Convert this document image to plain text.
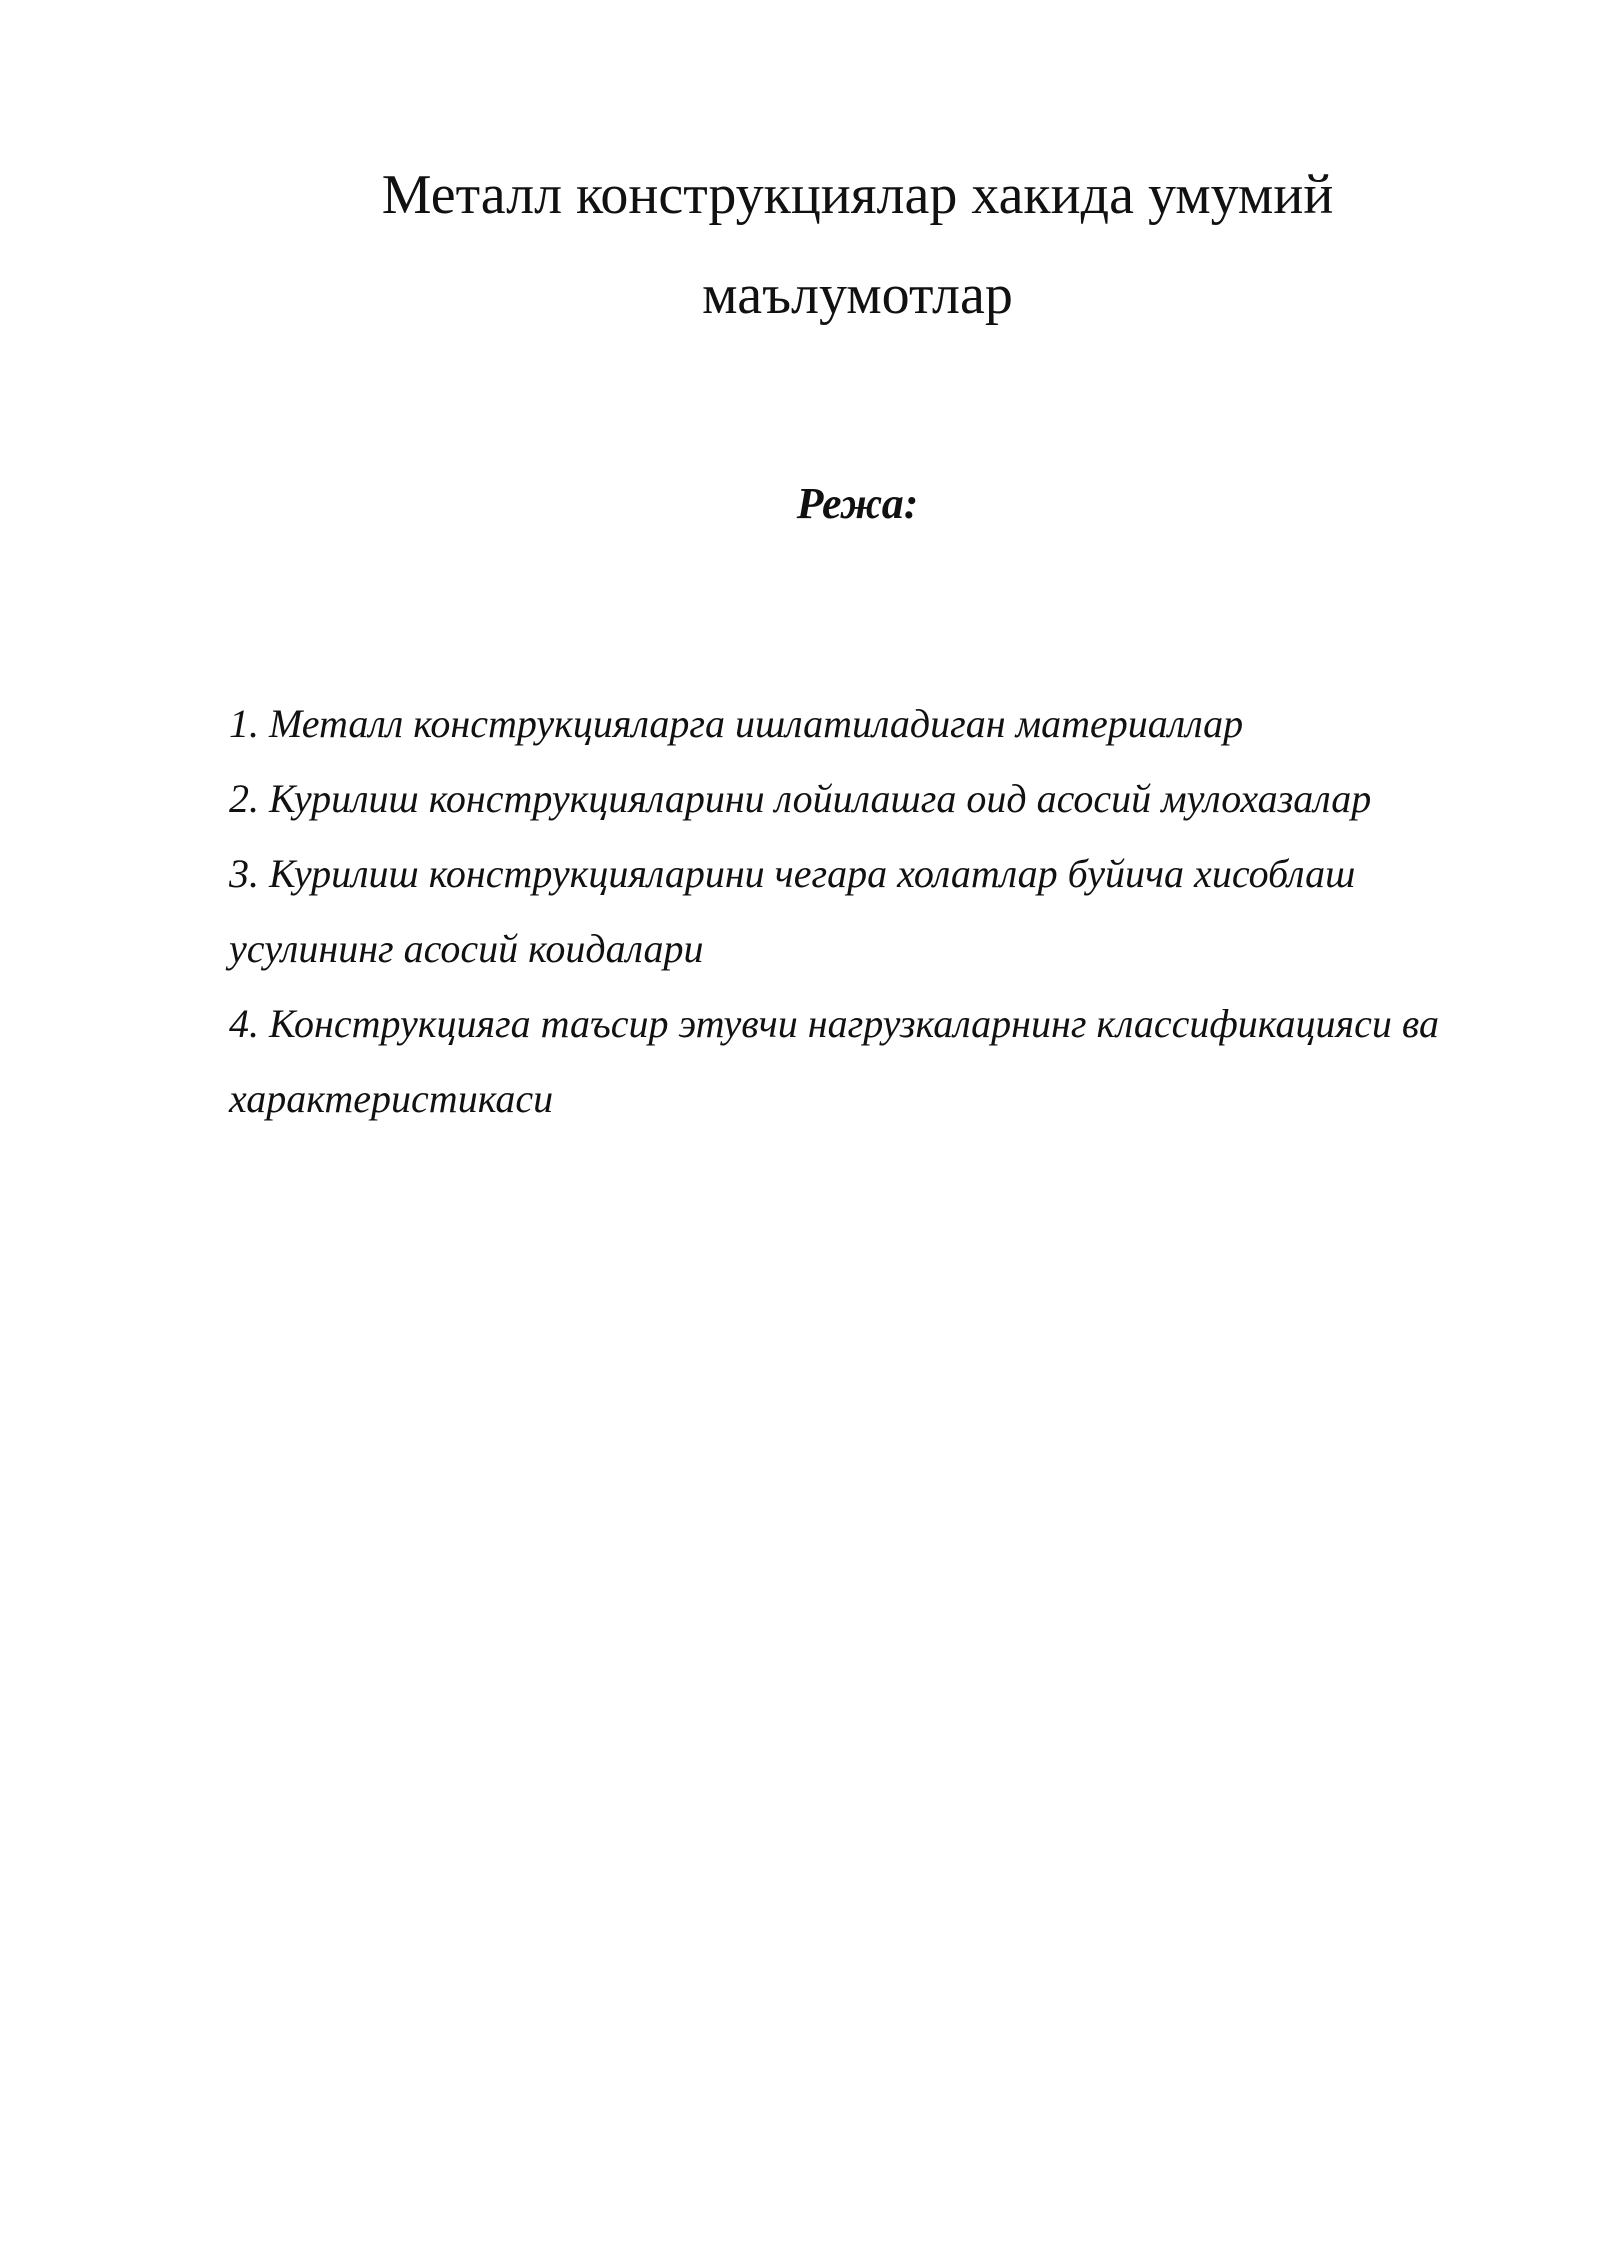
Металл конструкциялар хакида умумий
маълумотлар
Режа:
1. Металл конструкцияларга ишлатиладиган материаллар
2. Курилиш конструкцияларини лойилашга оид асосий мулохазалар
3. Курилиш конструкцияларини чегара холатлар буйича хисоблаш усулининг асосий коидалари
4. Конструкцияга таъсир этувчи нагрузкаларнинг классификацияси ва характеристикаси
